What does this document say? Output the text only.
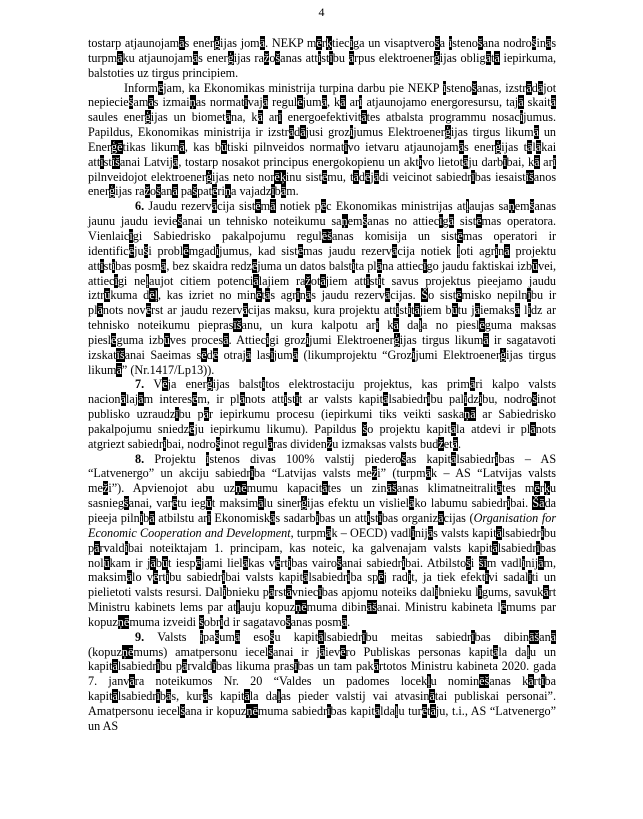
4

tostarp atjaunojamās enerģijas jomā. NEKP mērķtiecīga un visaptveroša īstenošana nodrošinās turpmāku atjaunojamās enerģijas ražošanas attīstību ārpus elektroenerģijas obligātā iepirkuma, balstoties uz tirgus principiem.

Informējam, ka Ekonomikas ministrija turpina darbu pie NEKP īstenošanas, izstrādājot nepieciešamās izmaiņas normatīvajā regulējumā, kā arī atjaunojamo energoresursu, tajā skaitā saules enerģijas un biometāna, kā arī energoefektivitātes atbalsta programmu nosacījumus. Papildus, Ekonomikas ministrija ir izstrādājusi grozījumus Elektroenerģijas tirgus likumā un Enerģētikas likumā, kas būtiski pilnveidos normatīvo ietvaru atjaunojamās enerģijas tālākai attīstīšanai Latvijā, tostarp nosakot principus energokopienu un aktīvo lietotāju darbībai, kā arī pilnveidojot elektroenerģijas neto norēķinu sistēmu, tādējādi veicinot sabiedrības iesaistīšanos enerģijas ražošanā pašpatēriņa vajadzībām.

6. Jaudu rezervācija sistēmā notiek pēc Ekonomikas ministrijas atļaujas saņemšanas jaunu jaudu ieviešanai un tehnisko noteikumu saņemšanas no attiecīgā sistēmas operatora. Vienlaicīgi Sabiedrisko pakalpojumu regulēšanas komisija un sistēmas operatori ir identificējuši problēmgadījumus, kad sistēmas jaudu rezervācija notiek ļoti agrīnā projektu attīstības posmā, bez skaidra redzējuma un datos balstīta plāna attiecīgo jaudu faktiskai izbūvei, attiecīgi neļaujot citiem potenciālajiem ražotājiem attīstīt savus projektus pieejamo jaudu iztrūkuma dēļ, kas izriet no minētās agrīnās jaudu rezervācijas. Šo sistēmisko nepilnību ir plānots novērst ar jaudu rezervācijas maksu, kura projektu attīstītājiem būtu jāiemaksā līdz ar tehnisko noteikumu pieprasīšanu, un kura kalpotu arī kā daļa no pieslēguma maksas pieslēguma izbūves procesā. Attiecīgi grozījumi Elektroenerģijas tirgus likumā ir sagatavoti izskatīšanai Saeimas sēdē otrajā lasījumā (likumprojektu “Grozījumi Elektroenerģijas tirgus likumā” (Nr.1417/Lp13)).

7. Vēja enerģijas balstītos elektrostaciju projektus, kas primāri kalpo valsts nacionālajām interesēm, ir plānots attīstīt ar valsts kapitālsabiedrību palīdzību, nodrošinot publisko uzraudzību pār iepirkumu procesu (iepirkumi tiks veikti saskaņā ar Sabiedrisko pakalpojumu sniedzēju iepirkumu likumu). Papildus šo projektu kapitāla atdevi ir plānots atgriezt sabiedrībai, nodrošinot regulāras dividenžu izmaksas valsts budžetā.

8. Projektu īstenos divas 100% valstij piederošas kapitālsabiedrības – AS “Latvenergo” un akciju sabiedrība “Latvijas valsts meži” (turpmāk – AS “Latvijas valsts meži”). Apvienojot abu uzņēmumu kapacitātes un zināšanas klimatneitralitātes mērķu sasniegšanai, varētu iegūt maksimālu sinerģijas efektu un vislielāko labumu sabiedrībai. Šāda pieeja pilnībā atbilstu arī Ekonomiskās sadarbības un attīstības organizācijas (Organisation for Economic Cooperation and Development, turpmāk – OECD) vadlīnijās valsts kapitālsabiedrību pārvaldībai noteiktajam 1. principam, kas noteic, ka galvenajam valsts kapitālsabiedrības nolūkam ir jābūt iespējami lielākas vērtības vairošanai sabiedrībai. Atbilstoši šīm vadlīnijām, maksimālo vērtību sabiedrībai valsts kapitālsabiedrība spēj radīt, ja tiek efektīvi sadalīti un pielietoti valsts resursi. Dalībnieku pārstāvniecības apjomu noteiks dalībnieku līgums, savukārt Ministru kabinets lems par atļauju kopuzņēmuma dibināšanai. Ministru kabineta lēmums par kopuzņēmuma izveidi šobrīd ir sagatavošanas posmā.

9. Valsts īpašumā esošu kapitālsabiedrību meitas sabiedrības dibināšanā (kopuzņēmums) amatpersonu iecelšanai ir jāievēro Publiskas personas kapitāla daļu un kapitālsabiedrību pārvaldības likuma prasības un tam pakārtotos Ministru kabineta 2020. gada 7. janvāra noteikumos Nr. 20 “Valdes un padomes locekļu nominēšanas kārtība kapitālsabiedrībās, kurās kapitāla daļas pieder valstij vai atvasinātai publiskai personai”. Amatpersonu iecelšana ir kopuzņēmuma sabiedrības kapitāldaļu turētāju, t.i., AS “Latvenergo” un AS
